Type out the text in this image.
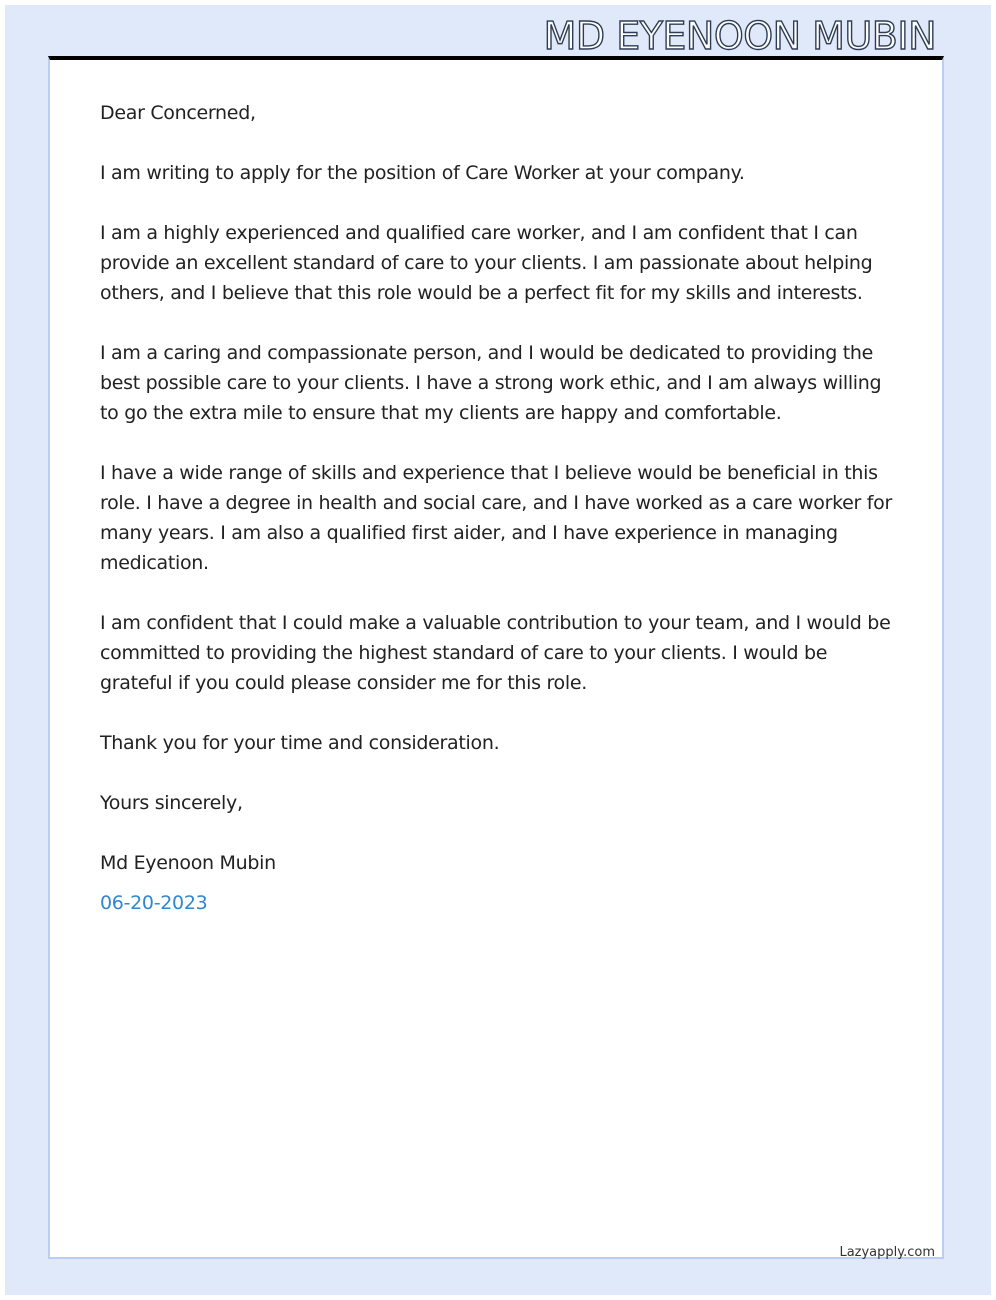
MD EYENOON MUBIN

Dear Concerned,

I am writing to apply for the position of Care Worker at your company.

I am a highly experienced and qualified care worker, and I am confident that I can provide an excellent standard of care to your clients. I am passionate about helping others, and I believe that this role would be a perfect fit for my skills and interests.

I am a caring and compassionate person, and I would be dedicated to providing the best possible care to your clients. I have a strong work ethic, and I am always willing to go the extra mile to ensure that my clients are happy and comfortable.

I have a wide range of skills and experience that I believe would be beneficial in this role. I have a degree in health and social care, and I have worked as a care worker for many years. I am also a qualified first aider, and I have experience in managing medication.

I am confident that I could make a valuable contribution to your team, and I would be committed to providing the highest standard of care to your clients. I would be grateful if you could please consider me for this role.

Thank you for your time and consideration.

Yours sincerely,

Md Eyenoon Mubin

06-20-2023

Lazyapply.com
